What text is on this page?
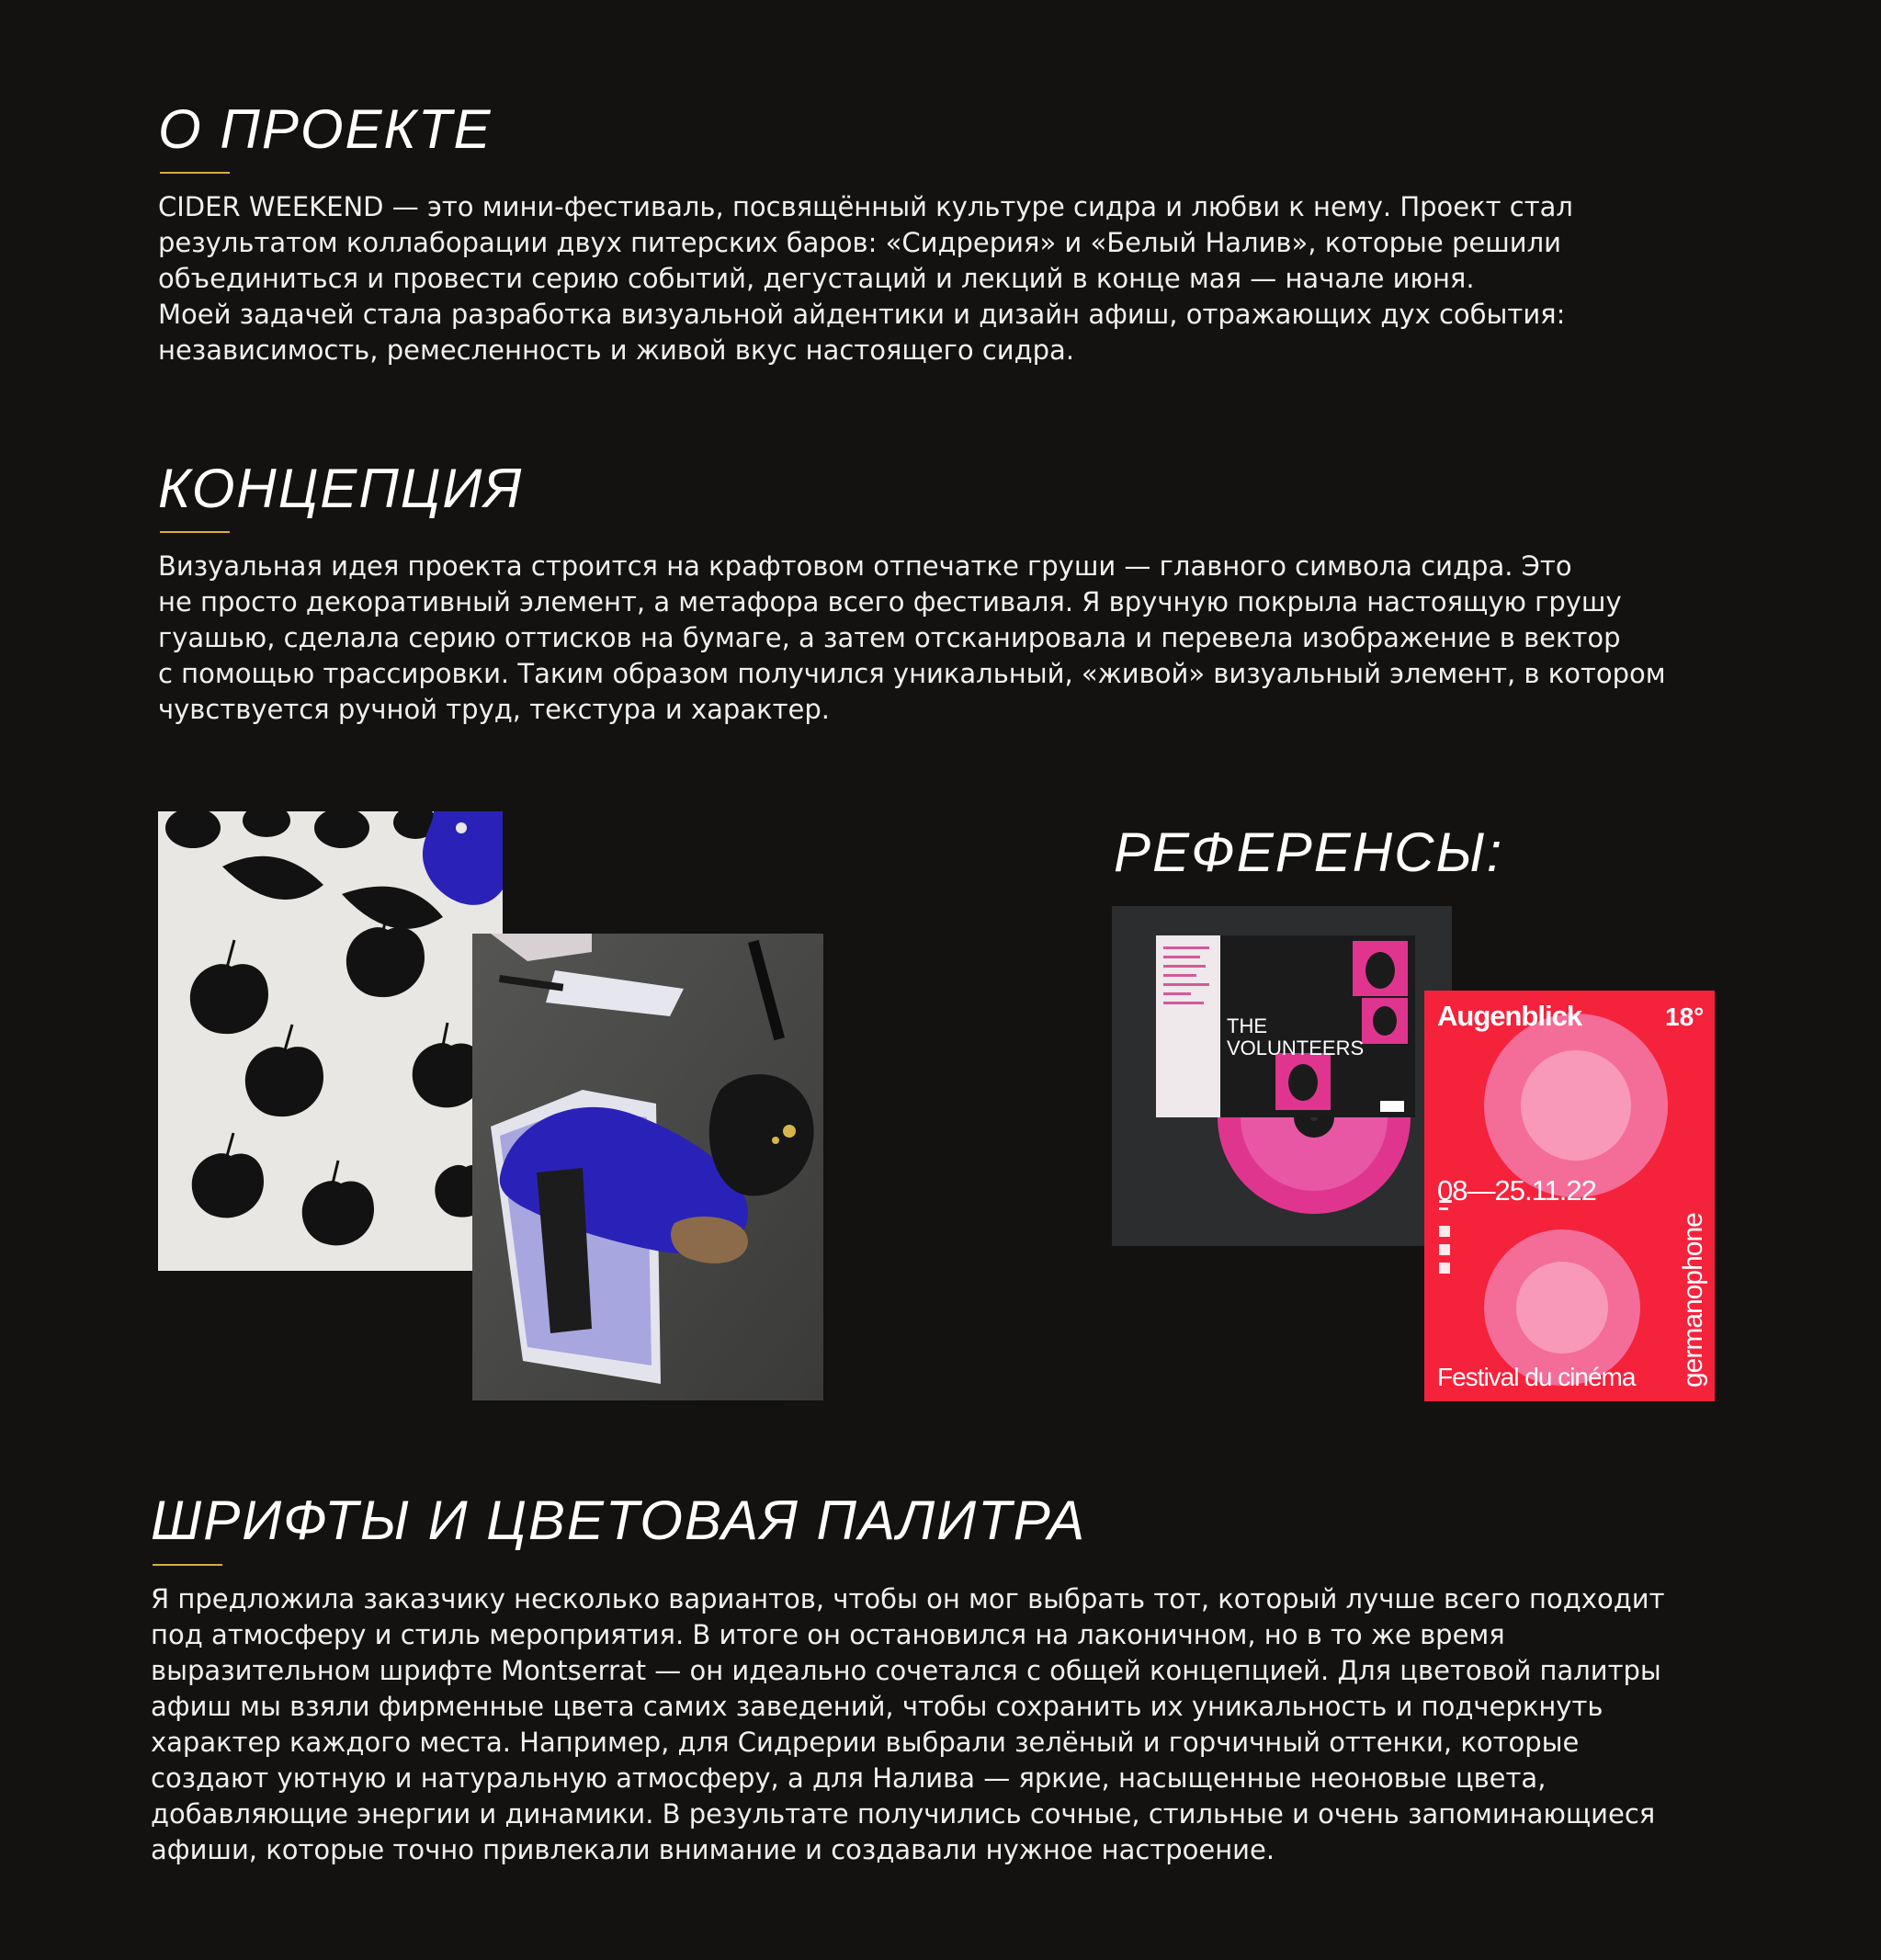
О ПРОЕКТЕ

CIDER WEEKEND — это мини-фестиваль, посвящённый культуре сидра и любви к нему. Проект стал
результатом коллаборации двух питерских баров: «Сидрерия» и «Белый Налив», которые решили
объединиться и провести серию событий, дегустаций и лекций в конце мая — начале июня.
Моей задачей стала разработка визуальной айдентики и дизайн афиш, отражающих дух события:
независимость, ремесленность и живой вкус настоящего сидра.

КОНЦЕПЦИЯ

Визуальная идея проекта строится на крафтовом отпечатке груши — главного символа сидра. Это
не просто декоративный элемент, а метафора всего фестиваля. Я вручную покрыла настоящую грушу
гуашью, сделала серию оттисков на бумаге, а затем отсканировала и перевела изображение в вектор
с помощью трассировки. Таким образом получился уникальный, «живой» визуальный элемент, в котором
чувствуется ручной труд, текстура и характер.

РЕФЕРЕНСЫ:
THE
VOLUNTEERS
Augenblick	18°
08—25.11.22
Festival du cinéma germanophone
ШРИФТЫ И ЦВЕТОВАЯ ПАЛИТРА

Я предложила заказчику несколько вариантов, чтобы он мог выбрать тот, который лучше всего подходит
под атмосферу и стиль мероприятия. В итоге он остановился на лаконичном, но в то же время
выразительном шрифте Montserrat — он идеально сочетался с общей концепцией. Для цветовой палитры
афиш мы взяли фирменные цвета самих заведений, чтобы сохранить их уникальность и подчеркнуть
характер каждого места. Например, для Сидрерии выбрали зелёный и горчичный оттенки, которые
создают уютную и натуральную атмосферу, а для Налива — яркие, насыщенные неоновые цвета,
добавляющие энергии и динамики. В результате получились сочные, стильные и очень запоминающиеся
афиши, которые точно привлекали внимание и создавали нужное настроение.
